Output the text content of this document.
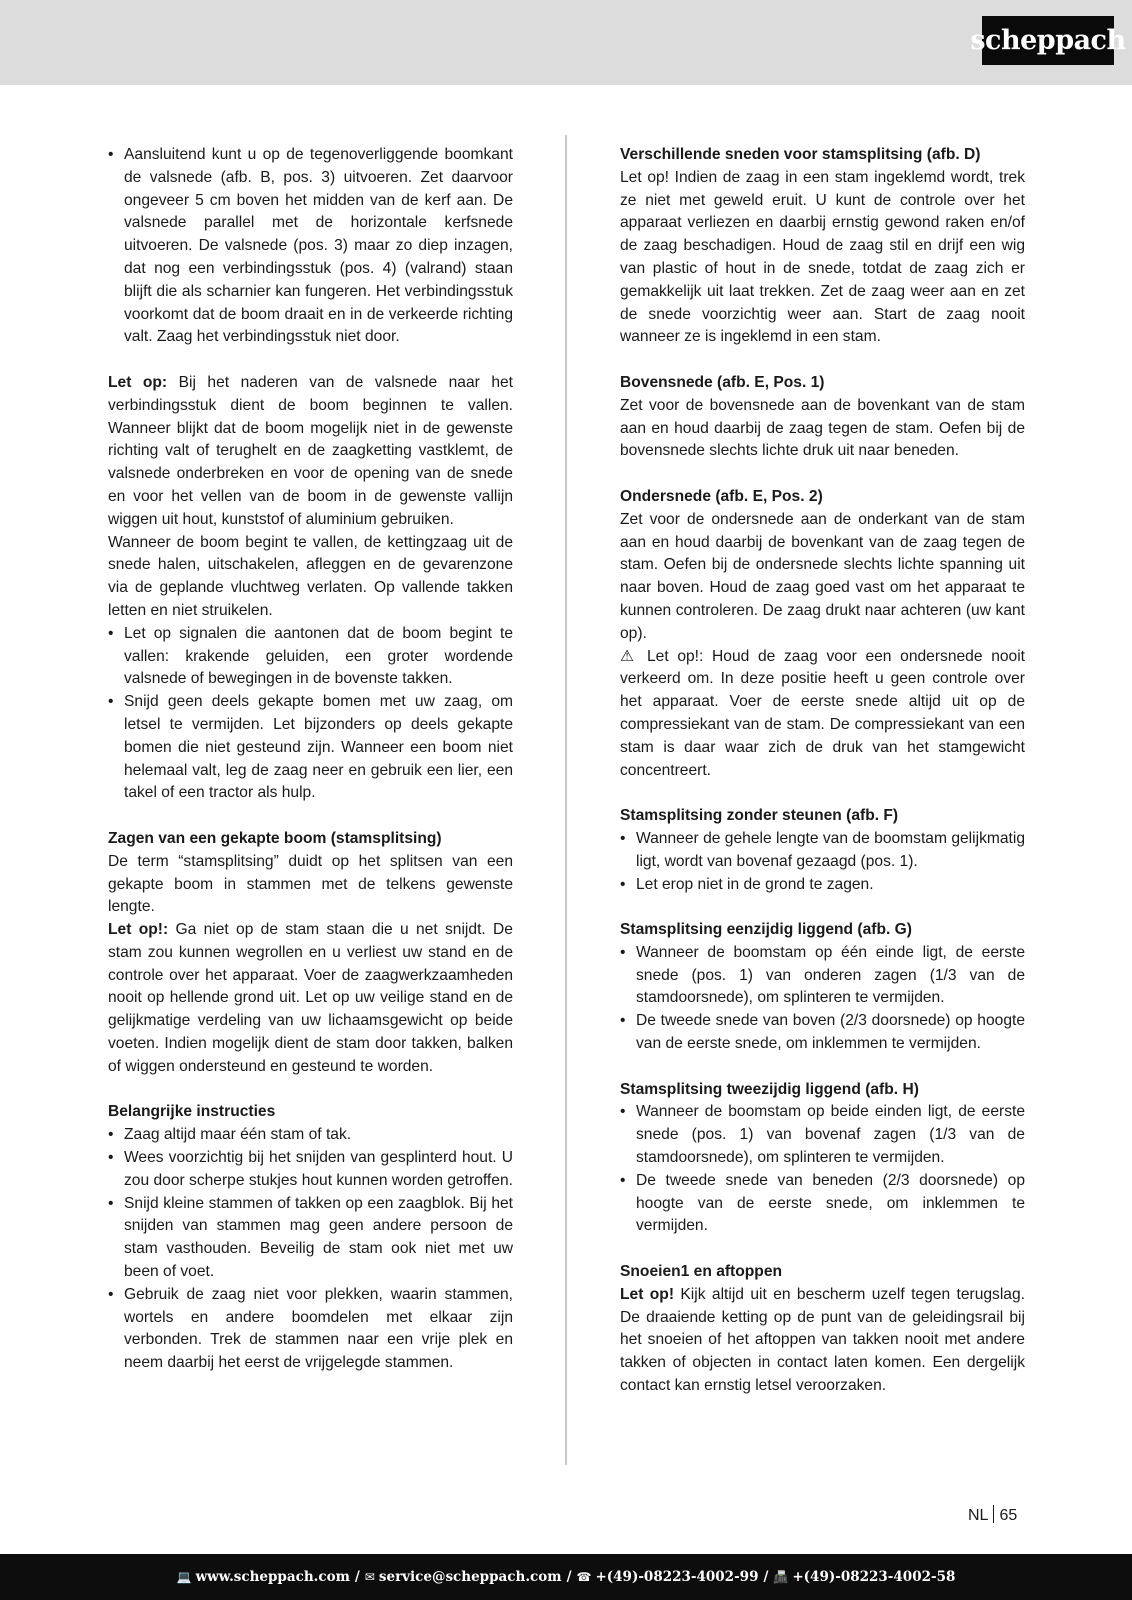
scheppach
• Aansluitend kunt u op de tegenoverliggende boomkant de valsnede (afb. B, pos. 3) uitvoeren. Zet daarvoor ongeveer 5 cm boven het midden van de kerf aan. De valsnede parallel met de horizontale kerfsnede uitvoeren. De valsnede (pos. 3) maar zo diep inzagen, dat nog een verbindingsstuk (pos. 4) (valrand) staan blijft die als scharnier kan fungeren. Het verbindingsstuk voorkomt dat de boom draait en in de verkeerde richting valt. Zaag het verbindingsstuk niet door.

Let op: Bij het naderen van de valsnede naar het verbindingsstuk dient de boom beginnen te vallen. Wanneer blijkt dat de boom mogelijk niet in de gewenste richting valt of terughelt en de zaagketting vastklemt, de valsnede onderbreken en voor de opening van de snede en voor het vellen van de boom in de gewenste vallijn wiggen uit hout, kunststof of aluminium gebruiken.

Wanneer de boom begint te vallen, de kettingzaag uit de snede halen, uitschakelen, afleggen en de gevarenzone via de geplande vluchtweg verlaten. Op vallende takken letten en niet struikelen.

• Let op signalen die aantonen dat de boom begint te vallen: krakende geluiden, een groter wordende valsnede of bewegingen in de bovenste takken.
• Snijd geen deels gekapte bomen met uw zaag, om letsel te vermijden. Let bijzonders op deels gekapte bomen die niet gesteund zijn. Wanneer een boom niet helemaal valt, leg de zaag neer en gebruik een lier, een takel of een tractor als hulp.

Zagen van een gekapte boom (stamsplitsing)

De term “stamsplitsing” duidt op het splitsen van een gekapte boom in stammen met de telkens gewenste lengte.

Let op!: Ga niet op de stam staan die u net snijdt. De stam zou kunnen wegrollen en u verliest uw stand en de controle over het apparaat. Voer de zaagwerkzaamheden nooit op hellende grond uit. Let op uw veilige stand en de gelijkmatige verdeling van uw lichaamsgewicht op beide voeten. Indien mogelijk dient de stam door takken, balken of wiggen ondersteund en gesteund te worden.

Belangrijke instructies

• Zaag altijd maar één stam of tak.
• Wees voorzichtig bij het snijden van gesplinterd hout. U zou door scherpe stukjes hout kunnen worden getroffen.
• Snijd kleine stammen of takken op een zaagblok. Bij het snijden van stammen mag geen andere persoon de stam vasthouden. Beveilig de stam ook niet met uw been of voet.
• Gebruik de zaag niet voor plekken, waarin stammen, wortels en andere boomdelen met elkaar zijn verbonden. Trek de stammen naar een vrije plek en neem daarbij het eerst de vrijgelegde stammen.

Verschillende sneden voor stamsplitsing (afb. D)

Let op! Indien de zaag in een stam ingeklemd wordt, trek ze niet met geweld eruit. U kunt de controle over het apparaat verliezen en daarbij ernstig gewond raken en/of de zaag beschadigen. Houd de zaag stil en drijf een wig van plastic of hout in de snede, totdat de zaag zich er gemakkelijk uit laat trekken. Zet de zaag weer aan en zet de snede voorzichtig weer aan. Start de zaag nooit wanneer ze is ingeklemd in een stam.

Bovensnede (afb. E, Pos. 1)

Zet voor de bovensnede aan de bovenkant van de stam aan en houd daarbij de zaag tegen de stam. Oefen bij de bovensnede slechts lichte druk uit naar beneden.

Ondersnede (afb. E, Pos. 2)

Zet voor de ondersnede aan de onderkant van de stam aan en houd daarbij de bovenkant van de zaag tegen de stam. Oefen bij de ondersnede slechts lichte spanning uit naar boven. Houd de zaag goed vast om het apparaat te kunnen controleren. De zaag drukt naar achteren (uw kant op).

⚠ Let op!: Houd de zaag voor een ondersnede nooit verkeerd om. In deze positie heeft u geen controle over het apparaat. Voer de eerste snede altijd uit op de compressiekant van de stam. De compressiekant van een stam is daar waar zich de druk van het stamgewicht concentreert.

Stamsplitsing zonder steunen (afb. F)

• Wanneer de gehele lengte van de boomstam gelijkmatig ligt, wordt van bovenaf gezaagd (pos. 1).
• Let erop niet in de grond te zagen.

Stamsplitsing eenzijdig liggend (afb. G)

• Wanneer de boomstam op één einde ligt, de eerste snede (pos. 1) van onderen zagen (1/3 van de stamdoorsnede), om splinteren te vermijden.
• De tweede snede van boven (2/3 doorsnede) op hoogte van de eerste snede, om inklemmen te vermijden.

Stamsplitsing tweezijdig liggend (afb. H)

• Wanneer de boomstam op beide einden ligt, de eerste snede (pos. 1) van bovenaf zagen (1/3 van de stamdoorsnede), om splinteren te vermijden.
• De tweede snede van beneden (2/3 doorsnede) op hoogte van de eerste snede, om inklemmen te vermijden.

Snoeien1 en aftoppen

Let op! Kijk altijd uit en bescherm uzelf tegen terugslag. De draaiende ketting op de punt van de geleidingsrail bij het snoeien of het aftoppen van takken nooit met andere takken of objecten in contact laten komen. Een dergelijk contact kan ernstig letsel veroorzaken.

NL 65
💻 www.scheppach.com / ✉ service@scheppach.com / ☎ +(49)-08223-4002-99 / 📠 +(49)-08223-4002-58
